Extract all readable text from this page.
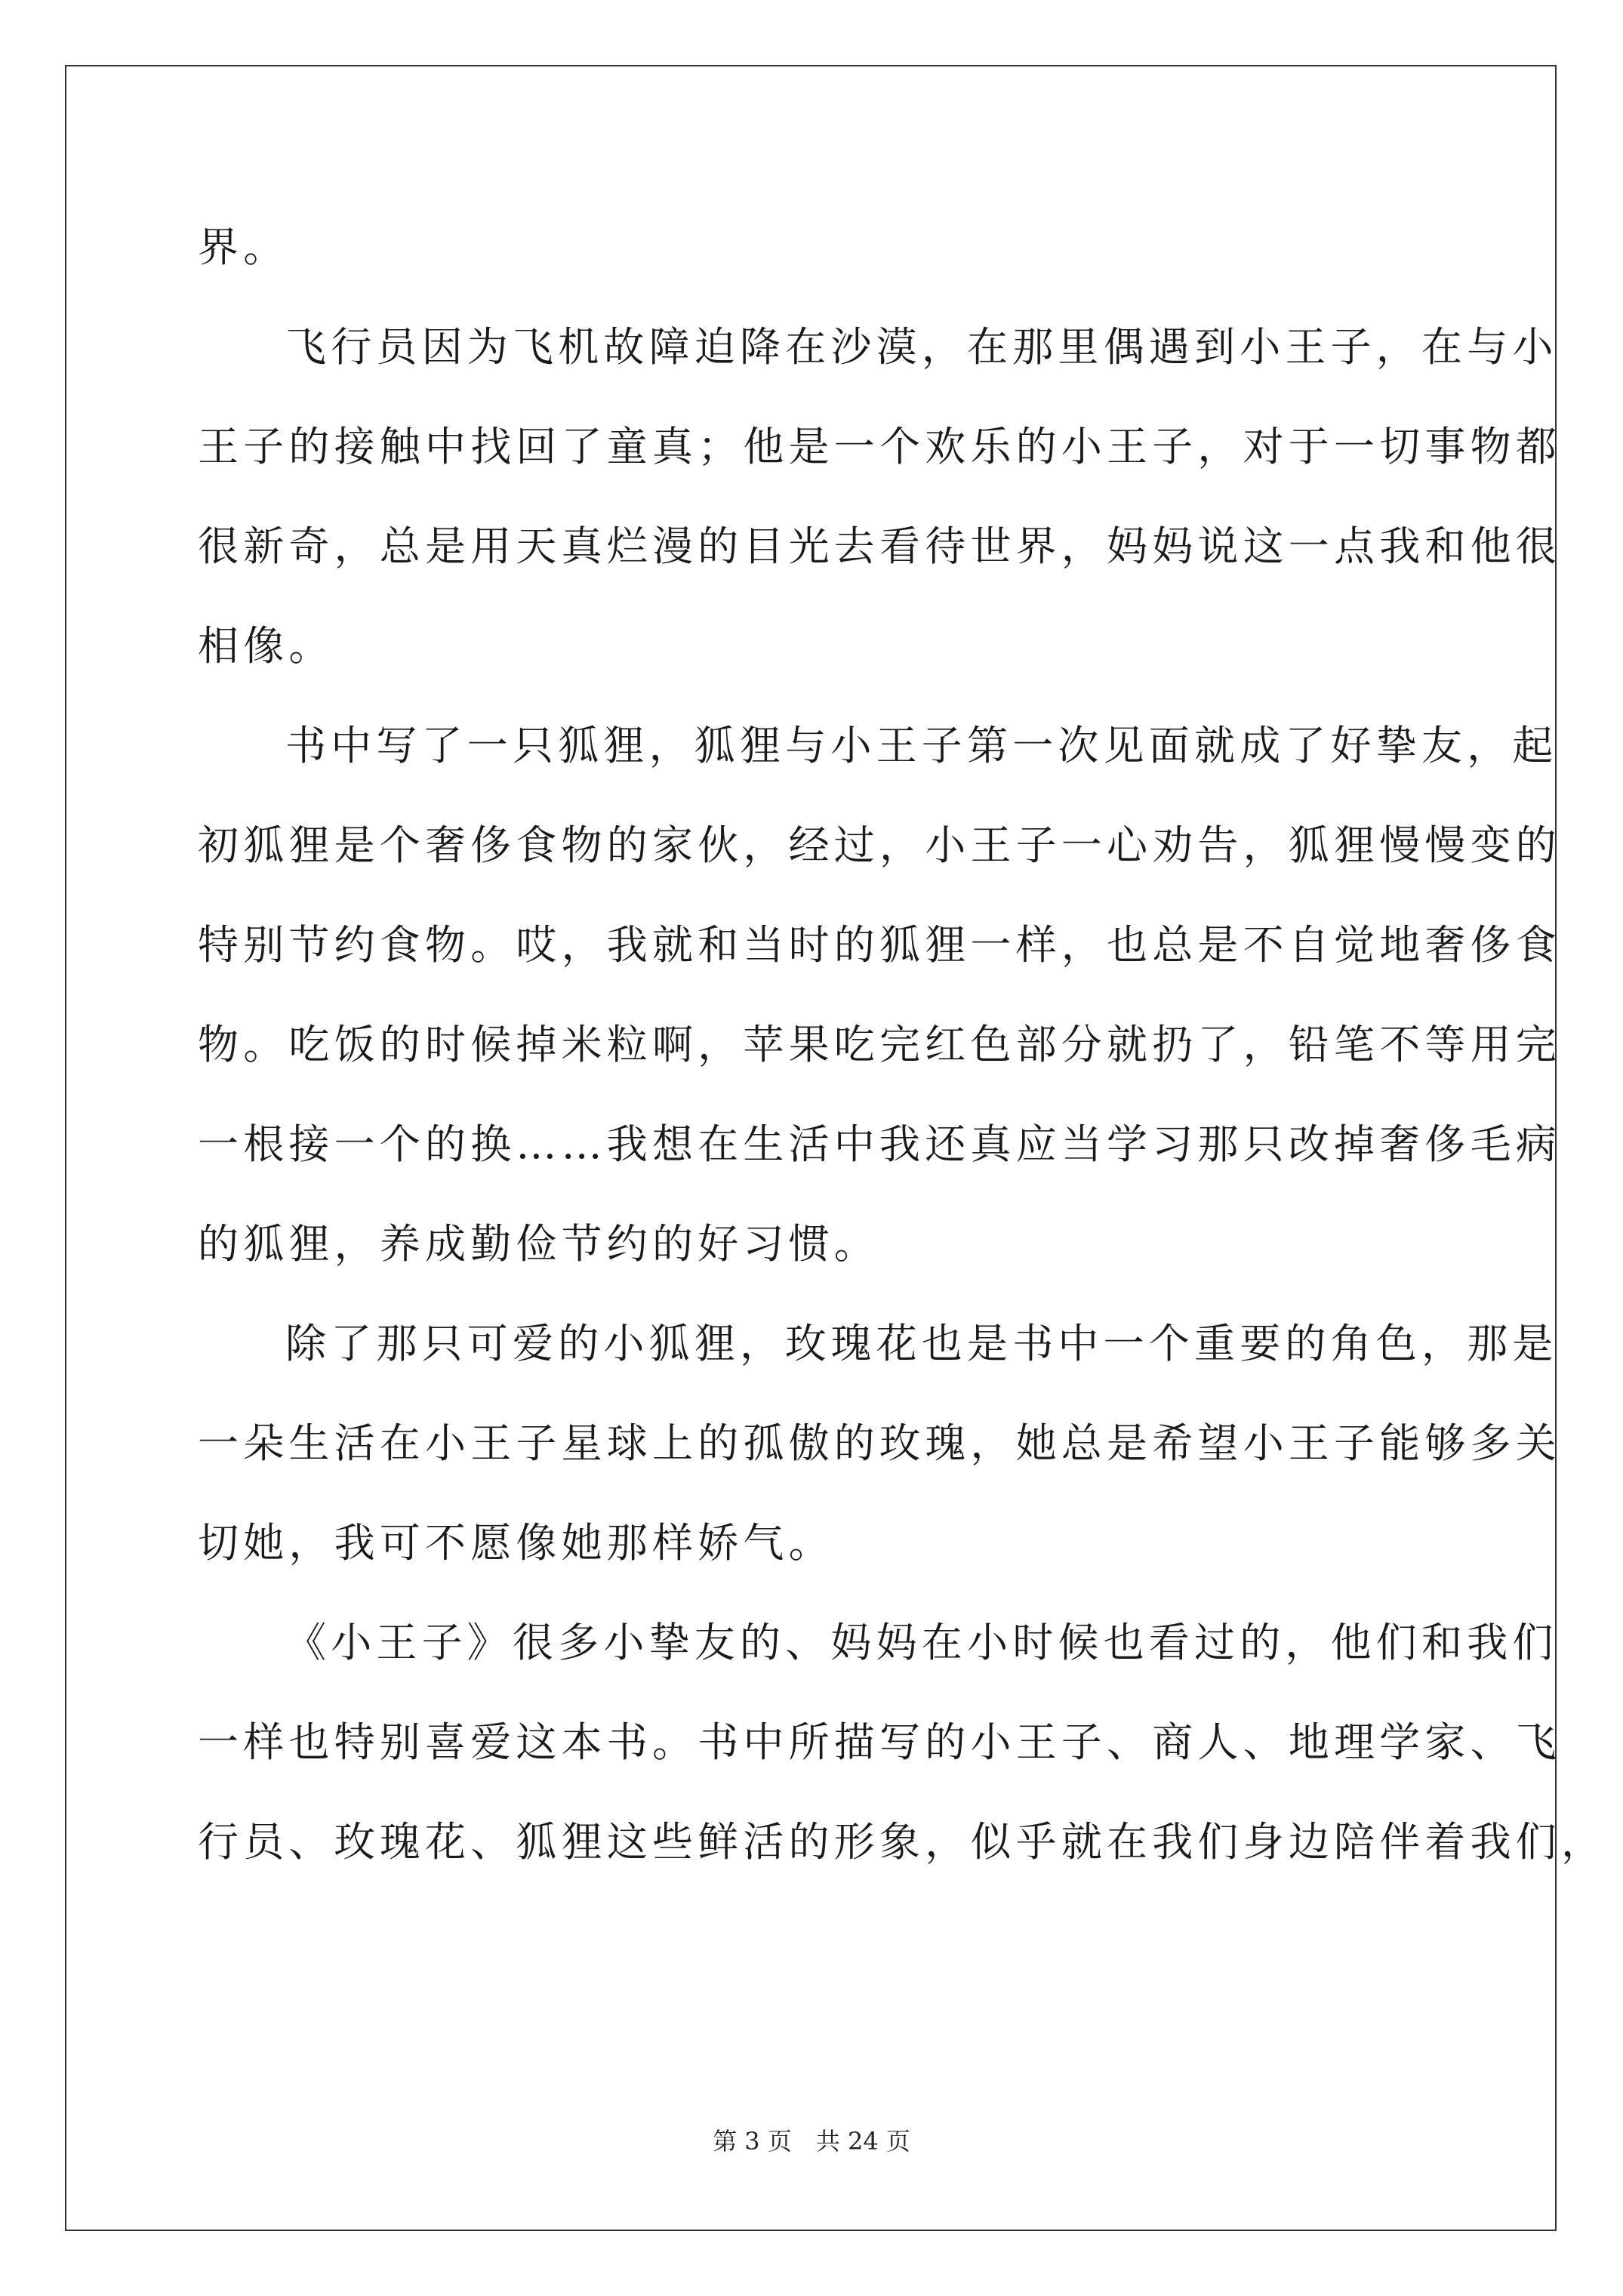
界。
飞行员因为飞机故障迫降在沙漠，在那里偶遇到小王子，在与小
王子的接触中找回了童真；他是一个欢乐的小王子，对于一切事物都
很新奇，总是用天真烂漫的目光去看待世界，妈妈说这一点我和他很
相像。
书中写了一只狐狸，狐狸与小王子第一次见面就成了好挚友，起
初狐狸是个奢侈食物的家伙，经过，小王子一心劝告，狐狸慢慢变的
特别节约食物。哎，我就和当时的狐狸一样，也总是不自觉地奢侈食
物。吃饭的时候掉米粒啊，苹果吃完红色部分就扔了，铅笔不等用完
一根接一个的换……我想在生活中我还真应当学习那只改掉奢侈毛病
的狐狸，养成勤俭节约的好习惯。
除了那只可爱的小狐狸，玫瑰花也是书中一个重要的角色，那是
一朵生活在小王子星球上的孤傲的玫瑰，她总是希望小王子能够多关
切她，我可不愿像她那样娇气。
《小王子》很多小挚友的、妈妈在小时候也看过的，他们和我们
一样也特别喜爱这本书。书中所描写的小王子、商人、地理学家、飞
行员、玫瑰花、狐狸这些鲜活的形象，似乎就在我们身边陪伴着我们，
第 3 页　共 24 页
